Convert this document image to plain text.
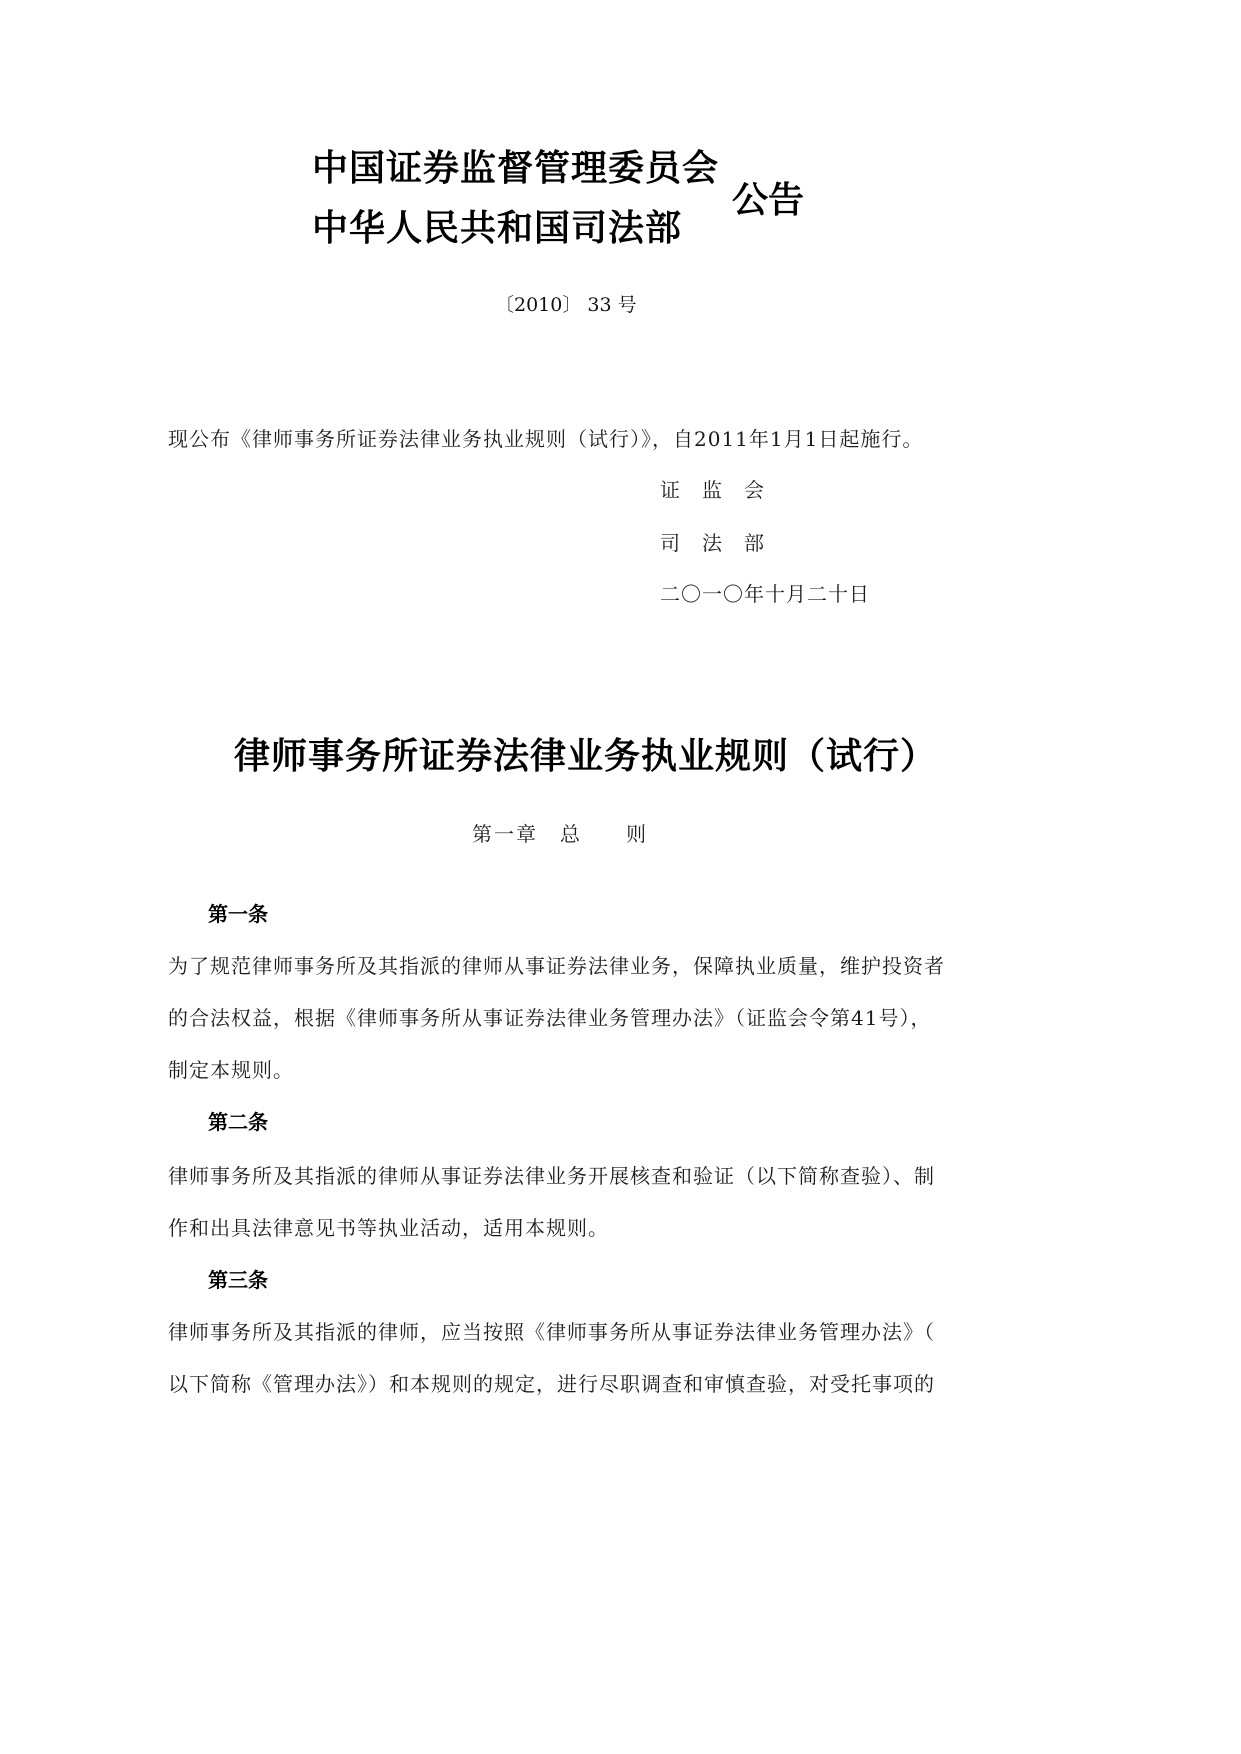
中国证券监督管理委员会
中华人民共和国司法部
公告
〔2010〕 33 号
现公布《律师事务所证券法律业务执业规则（试行）》，自2011年1月1日起施行。
证　监　会
司　法　部
二〇一〇年十月二十日
律师事务所证券法律业务执业规则（试行）
第一章　总　　则
第一条
为了规范律师事务所及其指派的律师从事证券法律业务，保障执业质量，维护投资者
的合法权益，根据《律师事务所从事证券法律业务管理办法》（证监会令第41号），
制定本规则。
第二条
律师事务所及其指派的律师从事证券法律业务开展核查和验证（以下简称查验）、制
作和出具法律意见书等执业活动，适用本规则。
第三条
律师事务所及其指派的律师，应当按照《律师事务所从事证券法律业务管理办法》（
以下简称《管理办法》）和本规则的规定，进行尽职调查和审慎查验，对受托事项的
